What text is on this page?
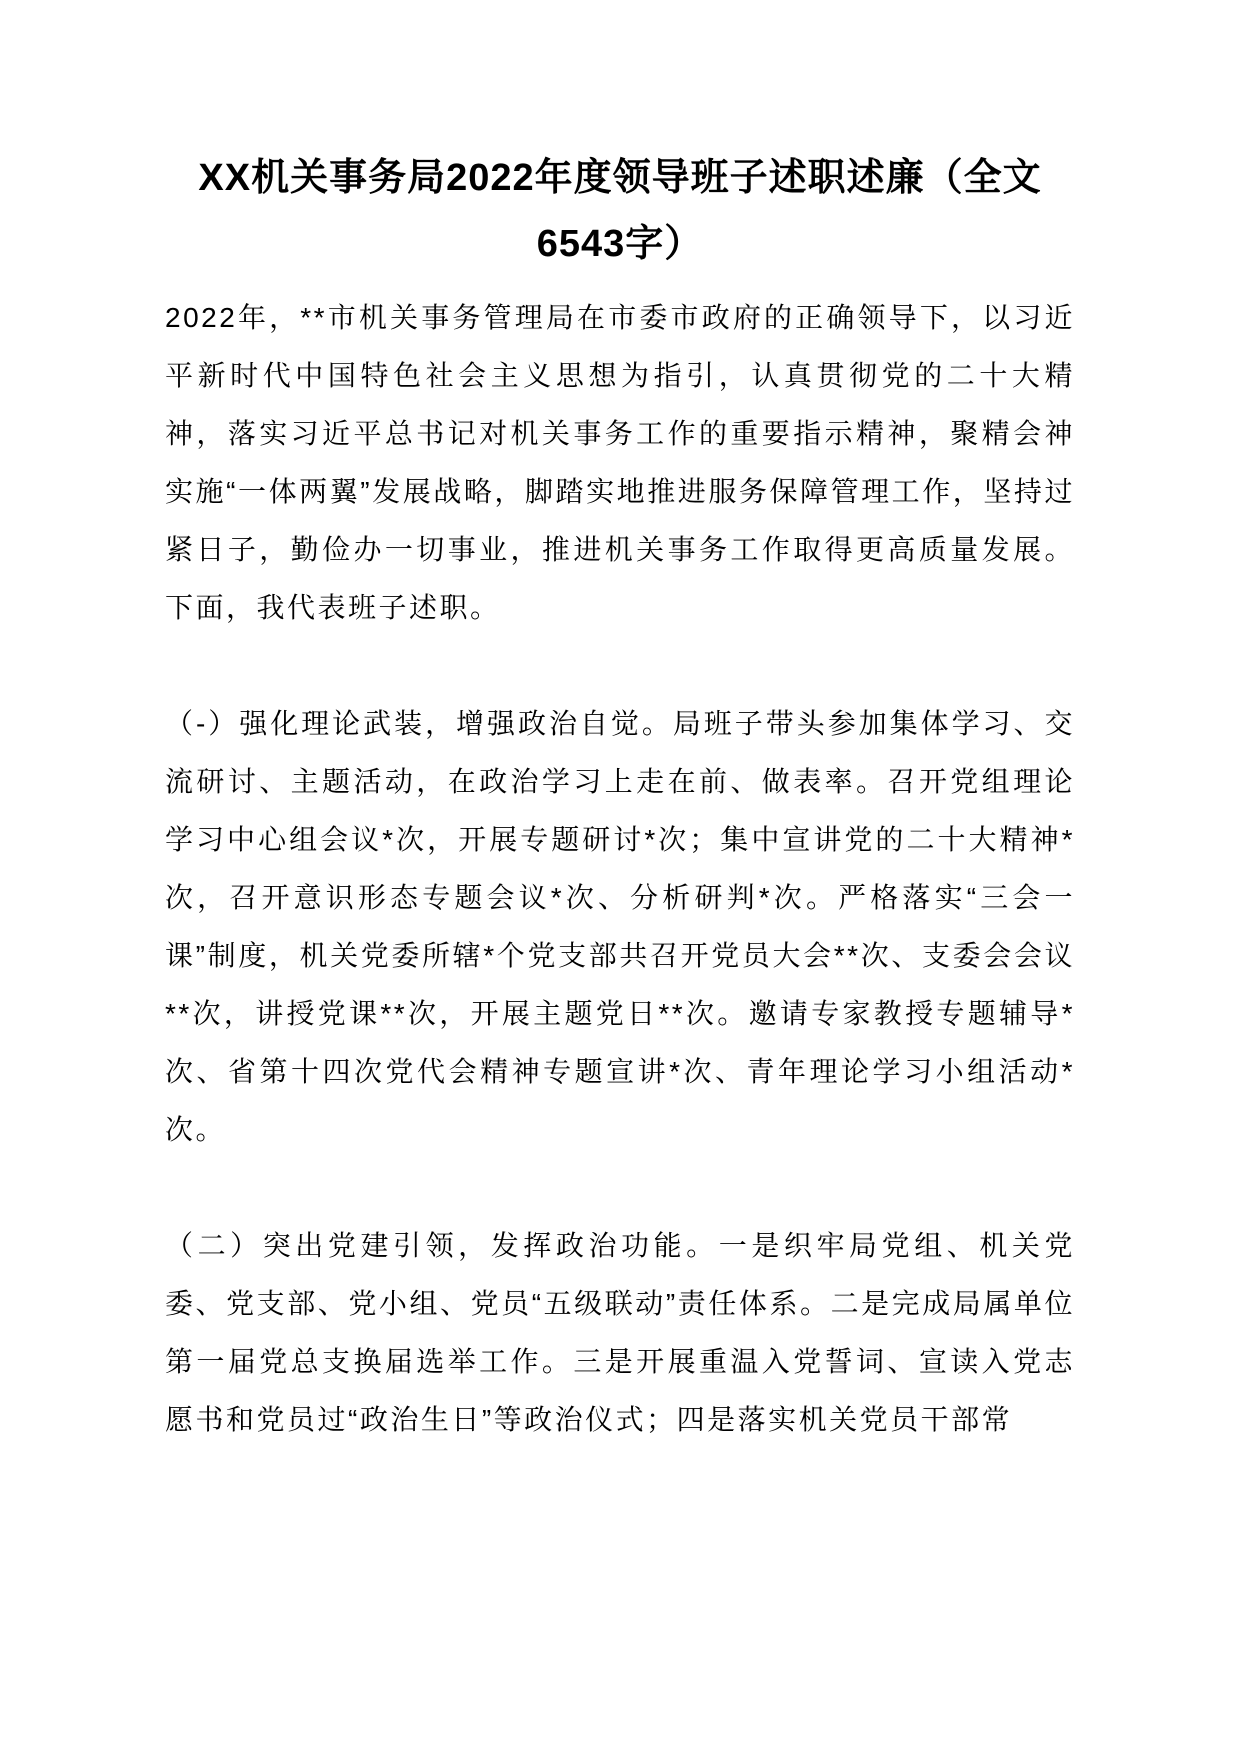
XX机关事务局2022年度领导班子述职述廉（全文6543字）

2022年，**市机关事务管理局在市委市政府的正确领导下，以习近平新时代中国特色社会主义思想为指引，认真贯彻党的二十大精神，落实习近平总书记对机关事务工作的重要指示精神，聚精会神实施“一体两翼”发展战略，脚踏实地推进服务保障管理工作，坚持过紧日子，勤俭办一切事业，推进机关事务工作取得更高质量发展。下面，我代表班子述职。

（-）强化理论武装，增强政治自觉。局班子带头参加集体学习、交流研讨、主题活动，在政治学习上走在前、做表率。召开党组理论学习中心组会议*次，开展专题研讨*次；集中宣讲党的二十大精神*次，召开意识形态专题会议*次、分析研判*次。严格落实“三会一课”制度，机关党委所辖*个党支部共召开党员大会**次、支委会会议**次，讲授党课**次，开展主题党日**次。邀请专家教授专题辅导*次、省第十四次党代会精神专题宣讲*次、青年理论学习小组活动*次。

（二）突出党建引领，发挥政治功能。一是织牢局党组、机关党委、党支部、党小组、党员“五级联动”责任体系。二是完成局属单位第一届党总支换届选举工作。三是开展重温入党誓词、宣读入党志愿书和党员过“政治生日”等政治仪式；四是落实机关党员干部常
